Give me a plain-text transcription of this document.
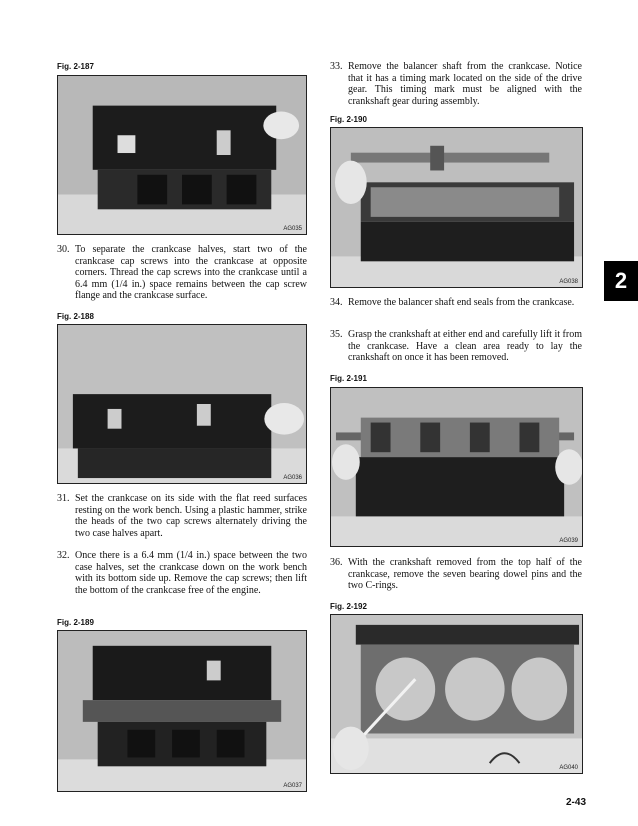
Fig. 2-187
AG035
30. To separate the crankcase halves, start two of the crankcase cap screws into the crankcase at opposite corners. Thread the cap screws into the crankcase until a 6.4 mm (1/4 in.) space remains between the cap screw flange and the crankcase surface.
Fig. 2-188
AG036
31. Set the crankcase on its side with the flat reed surfaces resting on the work bench. Using a plastic hammer, strike the heads of the two cap screws alternately driving the two case halves apart.
32. Once there is a 6.4 mm (1/4 in.) space between the two case halves, set the crankcase down on the work bench with its bottom side up. Remove the cap screws; then lift the bottom of the crankcase free of the engine.
Fig. 2-189
AG037
33. Remove the balancer shaft from the crankcase. Notice that it has a timing mark located on the side of the drive gear. This timing mark must be aligned with the crankshaft gear during assembly.
Fig. 2-190
AG038
34. Remove the balancer shaft end seals from the crankcase.
35. Grasp the crankshaft at either end and carefully lift it from the crankcase. Have a clean area ready to lay the crankshaft on once it has been removed.
Fig. 2-191
AG039
36. With the crankshaft removed from the top half of the crankcase, remove the seven bearing dowel pins and the two C-rings.
Fig. 2-192
AG040
2
2-43
